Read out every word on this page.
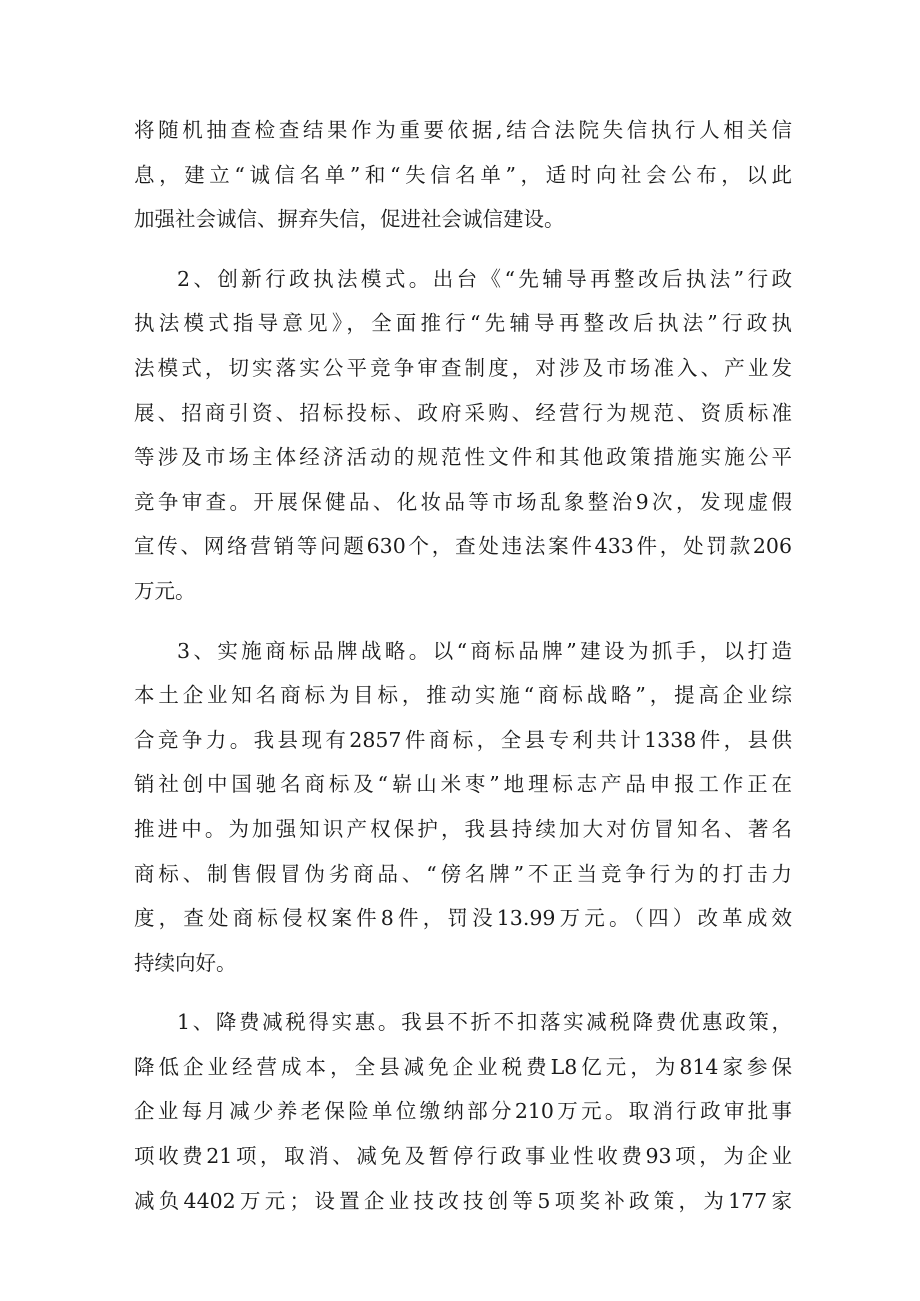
将随机抽查检查结果作为重要依据,结合法院失信执行人相关信
息，建立“诚信名单”和“失信名单”，适时向社会公布，以此
加强社会诚信、摒弃失信，促进社会诚信建设。
2、创新行政执法模式。出台《“先辅导再整改后执法”行政
执法模式指导意见》，全面推行“先辅导再整改后执法”行政执
法模式，切实落实公平竞争审查制度，对涉及市场准入、产业发
展、招商引资、招标投标、政府采购、经营行为规范、资质标准
等涉及市场主体经济活动的规范性文件和其他政策措施实施公平
竞争审查。开展保健品、化妆品等市场乱象整治9次，发现虚假
宣传、网络营销等问题630个，查处违法案件433件，处罚款206
万元。
3、实施商标品牌战略。以“商标品牌”建设为抓手，以打造
本土企业知名商标为目标，推动实施“商标战略”，提高企业综
合竞争力。我县现有2857件商标，全县专利共计1338件，县供
销社创中国驰名商标及“崭山米枣”地理标志产品申报工作正在
推进中。为加强知识产权保护，我县持续加大对仿冒知名、著名
商标、制售假冒伪劣商品、“傍名牌”不正当竞争行为的打击力
度，查处商标侵权案件8件，罚没13.99万元。（四）改革成效
持续向好。
1、降费减税得实惠。我县不折不扣落实减税降费优惠政策，
降低企业经营成本，全县减免企业税费L8亿元，为814家参保
企业每月减少养老保险单位缴纳部分210万元。取消行政审批事
项收费21项，取消、减免及暂停行政事业性收费93项，为企业
减负4402万元；设置企业技改技创等5项奖补政策，为177家
